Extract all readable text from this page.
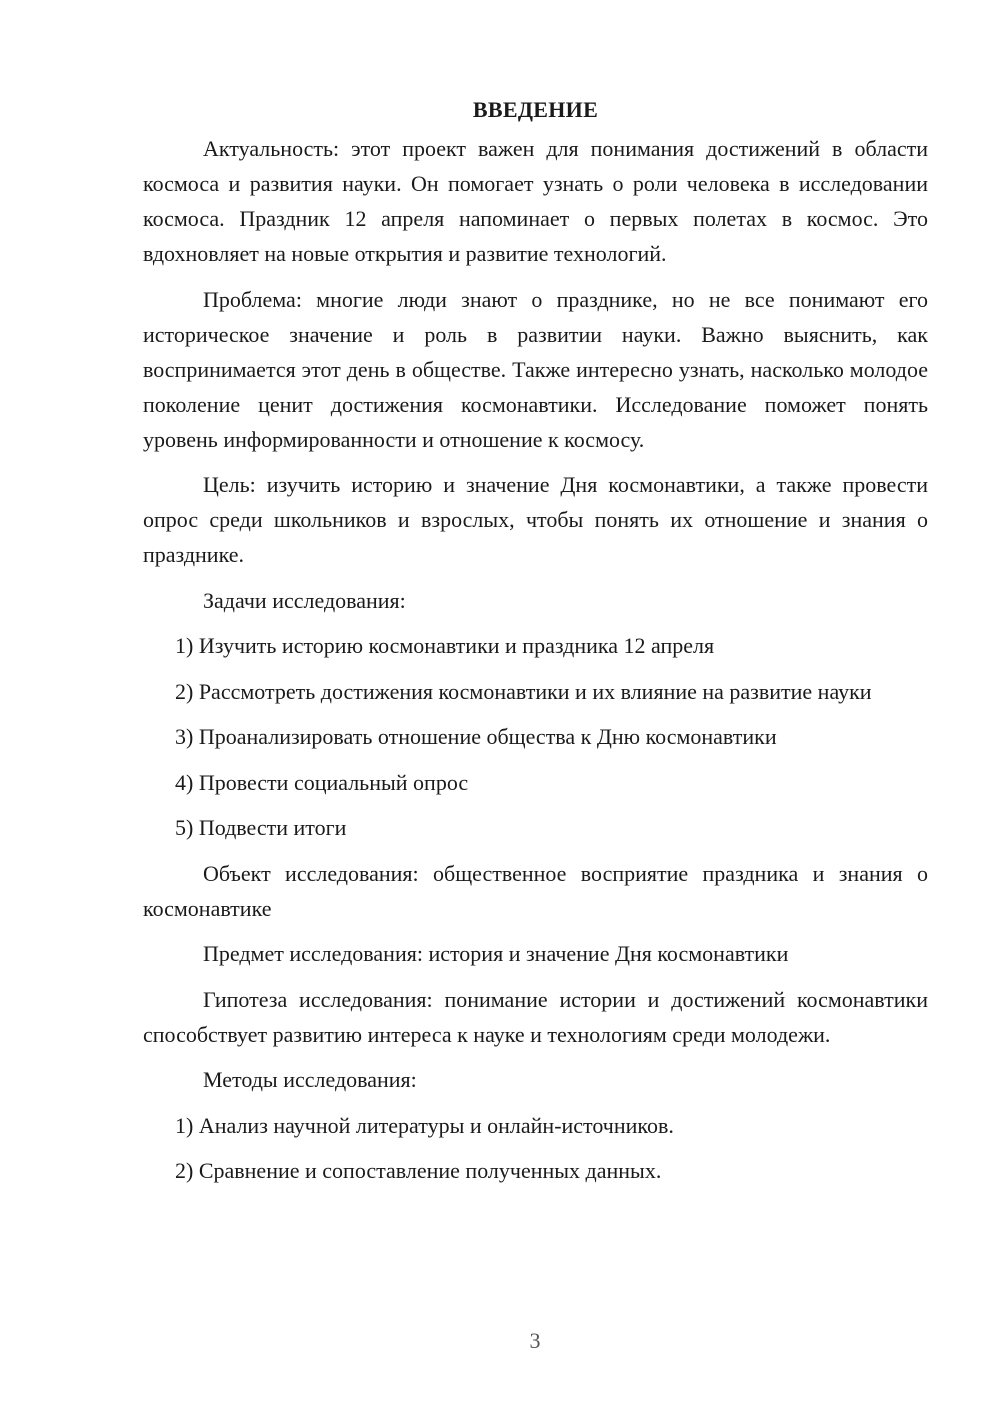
ВВЕДЕНИЕ

Актуальность: этот проект важен для понимания достижений в области космоса и развития науки. Он помогает узнать о роли человека в исследовании космоса. Праздник 12 апреля напоминает о первых полетах в космос. Это вдохновляет на новые открытия и развитие технологий.

Проблема: многие люди знают о празднике, но не все понимают его историческое значение и роль в развитии науки. Важно выяснить, как воспринимается этот день в обществе. Также интересно узнать, насколько молодое поколение ценит достижения космонавтики. Исследование поможет понять уровень информированности и отношение к космосу.

Цель: изучить историю и значение Дня космонавтики, а также провести опрос среди школьников и взрослых, чтобы понять их отношение и знания о празднике.

Задачи исследования:

1) Изучить историю космонавтики и праздника 12 апреля

2) Рассмотреть достижения космонавтики и их влияние на развитие науки

3) Проанализировать отношение общества к Дню космонавтики

4) Провести социальный опрос

5) Подвести итоги

Объект исследования: общественное восприятие праздника и знания о космонавтике

Предмет исследования: история и значение Дня космонавтики

Гипотеза исследования: понимание истории и достижений космонавтики способствует развитию интереса к науке и технологиям среди молодежи.

Методы исследования:

1) Анализ научной литературы и онлайн-источников.

2) Сравнение и сопоставление полученных данных.

3
